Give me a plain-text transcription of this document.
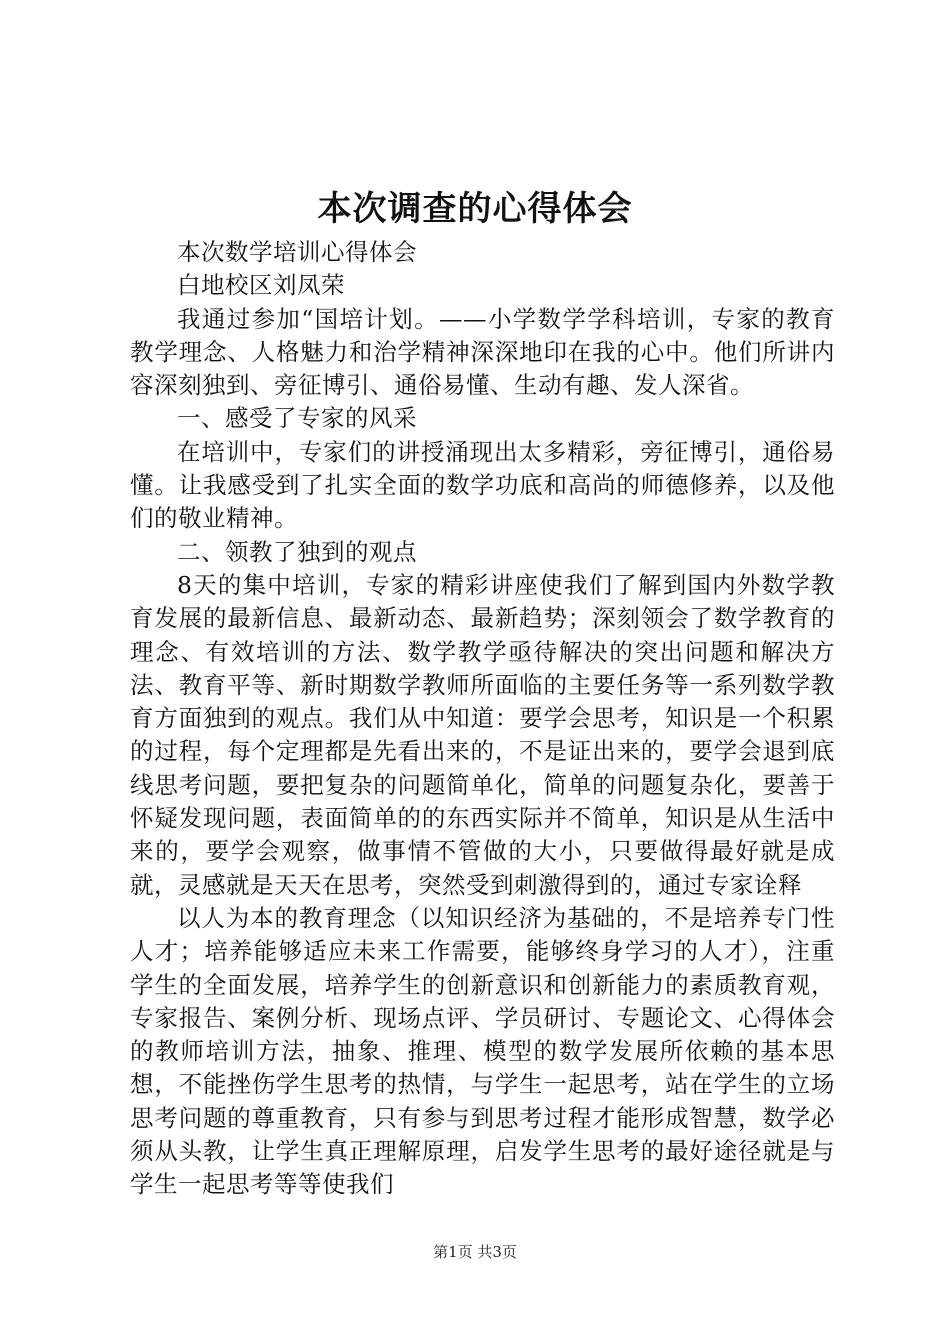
本次调查的心得体会

本次数学培训心得体会

白地校区刘凤荣

我通过参加“国培计划。——小学数学学科培训，专家的教育教学理念、人格魅力和治学精神深深地印在我的心中。他们所讲内容深刻独到、旁征博引、通俗易懂、生动有趣、发人深省。

一、感受了专家的风采

在培训中，专家们的讲授涌现出太多精彩，旁征博引，通俗易懂。让我感受到了扎实全面的数学功底和高尚的师德修养，以及他们的敬业精神。

二、领教了独到的观点

8天的集中培训，专家的精彩讲座使我们了解到国内外数学教育发展的最新信息、最新动态、最新趋势；深刻领会了数学教育的理念、有效培训的方法、数学教学亟待解决的突出问题和解决方法、教育平等、新时期数学教师所面临的主要任务等一系列数学教育方面独到的观点。我们从中知道：要学会思考，知识是一个积累的过程，每个定理都是先看出来的，不是证出来的，要学会退到底线思考问题，要把复杂的问题简单化，简单的问题复杂化，要善于怀疑发现问题，表面简单的的东西实际并不简单，知识是从生活中来的，要学会观察，做事情不管做的大小，只要做得最好就是成就，灵感就是天天在思考，突然受到刺激得到的，通过专家诠释

以人为本的教育理念（以知识经济为基础的，不是培养专门性人才；培养能够适应未来工作需要，能够终身学习的人才），注重学生的全面发展，培养学生的创新意识和创新能力的素质教育观，专家报告、案例分析、现场点评、学员研讨、专题论文、心得体会的教师培训方法，抽象、推理、模型的数学发展所依赖的基本思想，不能挫伤学生思考的热情，与学生一起思考，站在学生的立场思考问题的尊重教育，只有参与到思考过程才能形成智慧，数学必须从头教，让学生真正理解原理，启发学生思考的最好途径就是与学生一起思考等等使我们

第1页 共3页
